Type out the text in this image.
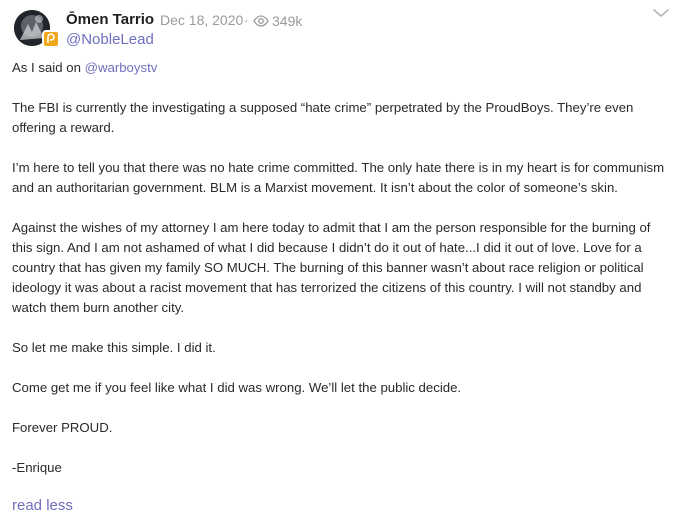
Ōmen Tarrio Dec 18, 2020 · 349k
@NobleLead

As I said on @warboystv

The FBI is currently the investigating a supposed “hate crime” perpetrated by the ProudBoys. They’re even offering a reward.

I’m here to tell you that there was no hate crime committed. The only hate there is in my heart is for communism and an authoritarian government. BLM is a Marxist movement. It isn’t about the color of someone’s skin.

Against the wishes of my attorney I am here today to admit that I am the person responsible for the burning of this sign. And I am not ashamed of what I did because I didn’t do it out of hate...I did it out of love. Love for a country that has given my family SO MUCH. The burning of this banner wasn’t about race religion or political ideology it was about a racist movement that has terrorized the citizens of this country. I will not standby and watch them burn another city.

So let me make this simple. I did it.

Come get me if you feel like what I did was wrong. We’ll let the public decide.

Forever PROUD.

-Enrique

read less
